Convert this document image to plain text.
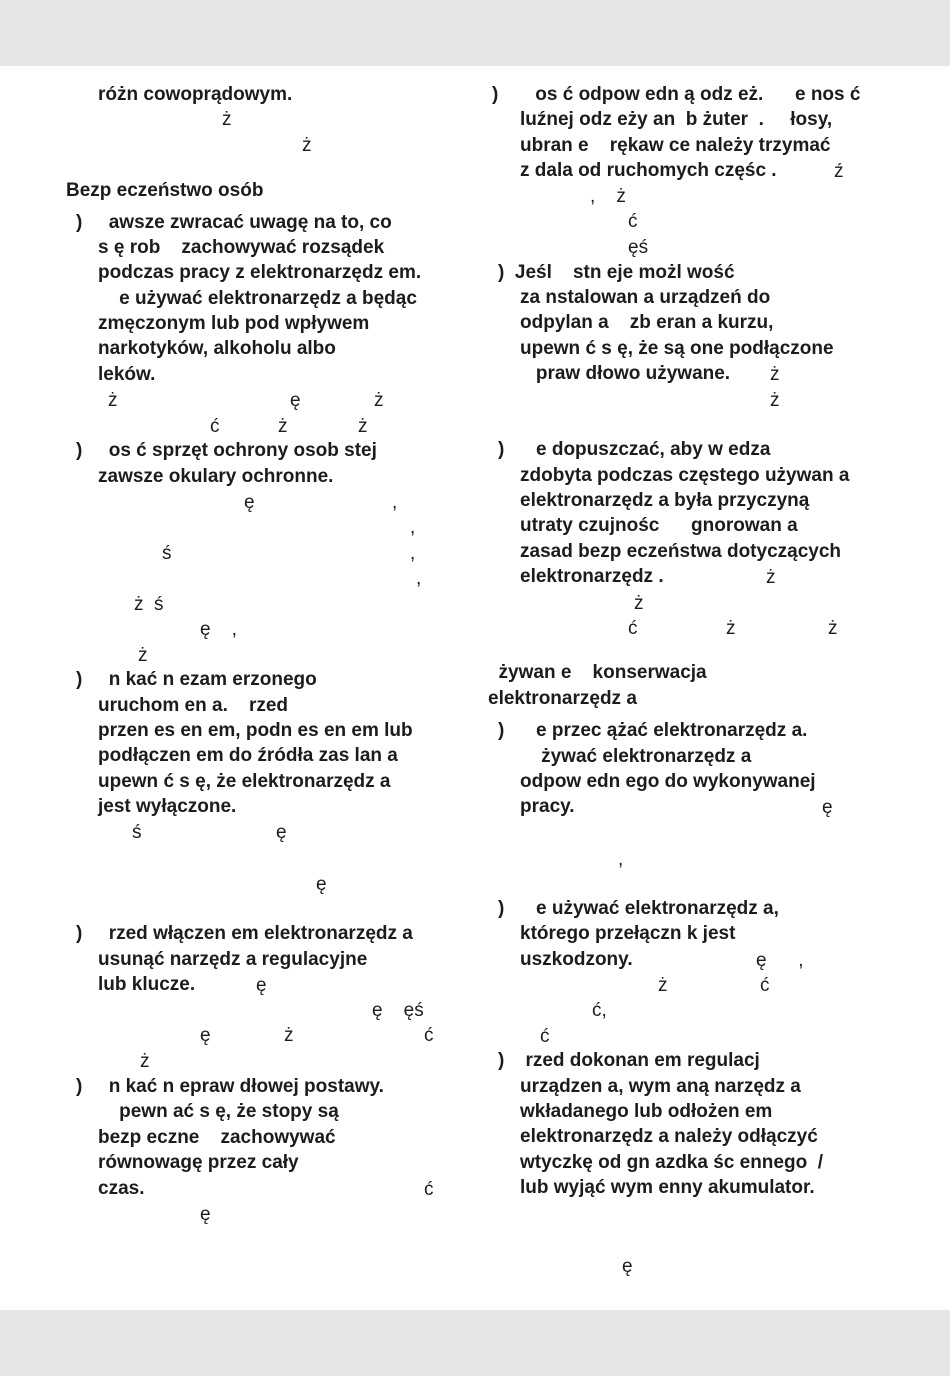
różn cowoprądowym.

ż

ż

Bezp eczeństwo osób

)     awsze zwracać uwagę na to, co

s ę rob    zachowywać rozsądek

podczas pracy z elektronarzędz em.

e używać elektronarzędz a będąc

zmęczonym lub pod wpływem

narkotyków, alkoholu albo

leków.

ż	ę	ż

ć	ż	ż

)     os ć sprzęt ochrony osob stej

zawsze okulary ochronne.

ę	,

,

ś	,

,

ż  ś

ę    ,

ż

)     n kać n ezam erzonego

uruchom en a.    rzed

przen es en em, podn es en em lub

podłączen em do źródła zas lan a

upewn ć s ę, że elektronarzędz a

jest wyłączone.

ś	ę

ę

)     rzed włączen em elektronarzędz a

usunąć narzędz a regulacyjne

lub klucze.	ę

ę    ęś

ę	ż	ć

ż

)     n kać n epraw dłowej postawy.

pewn ać s ę, że stopy są

bezp eczne    zachowywać

równowagę przez cały

czas.	ć

ę

)       os ć odpow edn ą odz eż.      e nos ć

luźnej odz eży an  b żuter  .     łosy,

ubran e    rękaw ce należy trzymać

z dala od ruchomych częśc .	ź

,    ż

ć

ęś

)  Jeśl    stn eje możl wość

za nstalowan a urządzeń do

odpylan a    zb eran a kurzu,

upewn ć s ę, że są one podłączone

praw dłowo używane. ż

ż

)      e dopuszczać, aby w edza

zdobyta podczas częstego używan a

elektronarzędz a była przyczyną

utraty czujnośc      gnorowan a

zasad bezp eczeństwa dotyczących

elektronarzędz .	ż

ż

ć	ż	ż

żywan e    konserwacja

elektronarzędz a

)      e przec ążać elektronarzędz a.

żywać elektronarzędz a

odpow edn ego do wykonywanej

pracy.	ę

,

)      e używać elektronarzędz a,

którego przełączn k jest

uszkodzony.	ę      ,

ż	ć

ć,

ć

)    rzed dokonan em regulacj

urządzen a, wym aną narzędz a

wkładanego lub odłożen em

elektronarzędz a należy odłączyć

wtyczkę od gn azdka śc ennego  /

lub wyjąć wym enny akumulator.

ę
